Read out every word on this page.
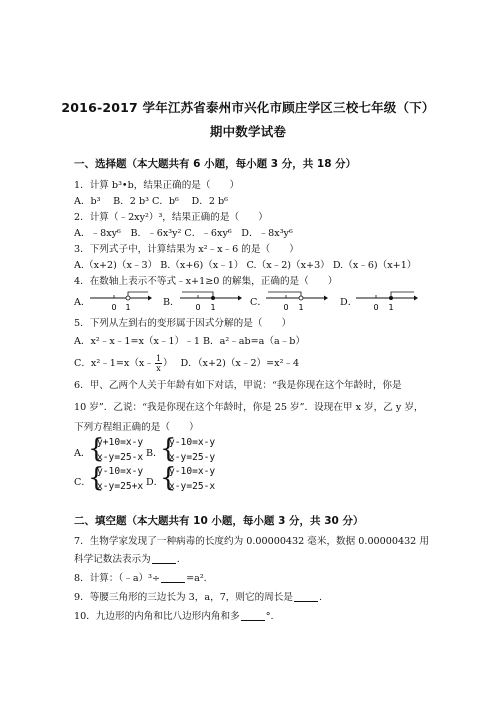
2016-2017 学年江苏省泰州市兴化市顾庄学区三校七年级（下）
期中数学试卷
一、选择题（本大题共有 6 小题，每小题 3 分，共 18 分）
1．计算 b³•b，结果正确的是（　　）
A．b³　 B．2 b³ C．b⁶　 D．2 b⁶
2．计算（﹣2xy²）³，结果正确的是（　　）
A．﹣8xy⁶　B．﹣6x³y² C．﹣6xy⁶　D．﹣8x³y⁶
3．下列式子中，计算结果为 x²﹣x﹣6 的是（　　）
A.（x+2)（x﹣3） B.（x+6)（x﹣1） C.（x﹣2)（x+3） D.（x﹣6)（x+1）
4．在数轴上表示不等式﹣x+1≥0 的解集，正确的是（　　）
A．	0 1	B． 0 1	C． 0 1	D． 0 1
5．下列从左到右的变形属于因式分解的是（　　）
A．x²﹣x﹣1=x（x﹣1）﹣1 B．a²﹣ab=a（a﹣b）
C．x²﹣1=x（x﹣ $\frac{1}{x}$ ）　 D．（x+2)（x﹣2）=x²﹣4
6．甲、乙两个人关于年龄有如下对话，甲说：“我是你现在这个年龄时，你是
10 岁”．乙说：“我是你现在这个年龄时，你是 25 岁”．设现在甲 x 岁，乙 y 岁，
下列方程组正确的是（　　）
A．
{
y+10=x-y
x-y=25-x B．
{
y-10=x-y
x-y=25-y
C．
{
y-10=x-y
x-y=25+x D．
{
y-10=x-y
x-y=25-x
二、填空题（本大题共有 10 小题，每小题 3 分，共 30 分）
7．生物学家发现了一种病毒的长度约为 0.00000432 毫米，数据 0.00000432 用
科学记数法表示为	.
8．计算：（﹣a）³÷	=a².
9．等腰三角形的三边长为 3，a，7，则它的周长是	.
10．九边形的内角和比八边形内角和多	°.
